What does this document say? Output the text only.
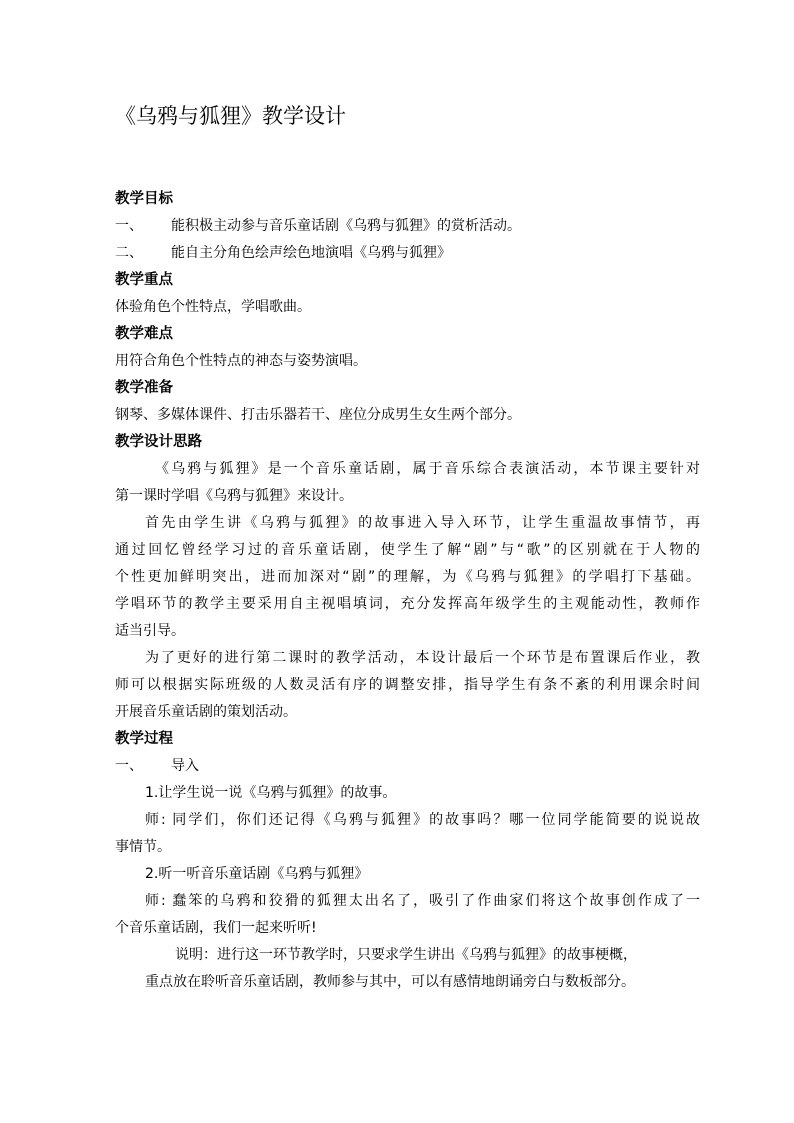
《乌鸦与狐狸》教学设计
教学目标
一、 能积极主动参与音乐童话剧《乌鸦与狐狸》的赏析活动。
二、 能自主分角色绘声绘色地演唱《乌鸦与狐狸》
教学重点
体验角色个性特点，学唱歌曲。
教学难点
用符合角色个性特点的神态与姿势演唱。
教学准备
钢琴、多媒体课件、打击乐器若干、座位分成男生女生两个部分。
教学设计思路
《乌鸦与狐狸》是一个音乐童话剧，属于音乐综合表演活动，本节课主要针对
第一课时学唱《乌鸦与狐狸》来设计。
首先由学生讲《乌鸦与狐狸》的故事进入导入环节，让学生重温故事情节，再
通过回忆曾经学习过的音乐童话剧，使学生了解“剧”与“歌”的区别就在于人物的
个性更加鲜明突出，进而加深对“剧”的理解，为《乌鸦与狐狸》的学唱打下基础。
学唱环节的教学主要采用自主视唱填词，充分发挥高年级学生的主观能动性，教师作
适当引导。
为了更好的进行第二课时的教学活动，本设计最后一个环节是布置课后作业，教
师可以根据实际班级的人数灵活有序的调整安排，指导学生有条不紊的利用课余时间
开展音乐童话剧的策划活动。
教学过程
一、 导入
1.让学生说一说《乌鸦与狐狸》的故事。
师: 同学们，你们还记得《乌鸦与狐狸》的故事吗？哪一位同学能简要的说说故
事情节。
2.听一听音乐童话剧《乌鸦与狐狸》
师: 蠢笨的乌鸦和狡猾的狐狸太出名了，吸引了作曲家们将这个故事创作成了一
个音乐童话剧，我们一起来听听!
说明：进行这一环节教学时，只要求学生讲出《乌鸦与狐狸》的故事梗概，
重点放在聆听音乐童话剧，教师参与其中，可以有感情地朗诵旁白与数板部分。
